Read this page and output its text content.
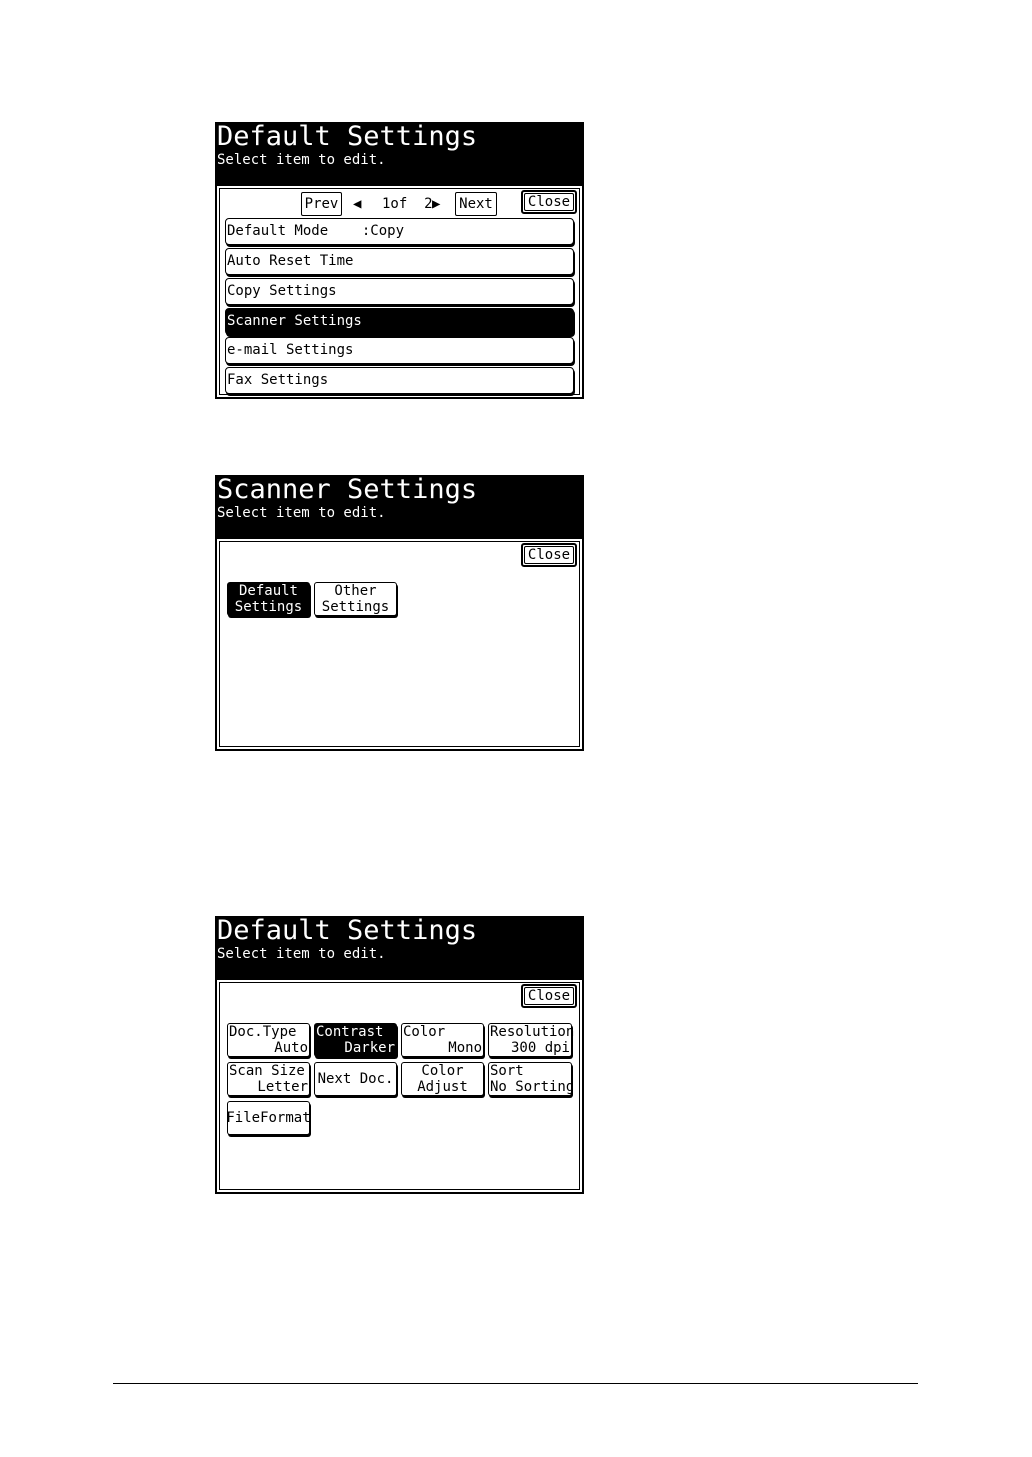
Default Settings
Select item to edit.
Prev ◀ 1of  2 ▶ Next	Close
Default Mode    :Copy
Auto Reset Time
Copy Settings
Scanner Settings
e-mail Settings
Fax Settings
Scanner Settings
Select item to edit.
Close
Default
Settings
Other
Settings
Default Settings
Select item to edit.
Close
Doc.Type
Auto
Contrast
Darker
Color
Mono
Resolution
300 dpi
Scan Size
Letter Next Doc.	Color
Adjust
Sort
No Sorting
FileFormat
